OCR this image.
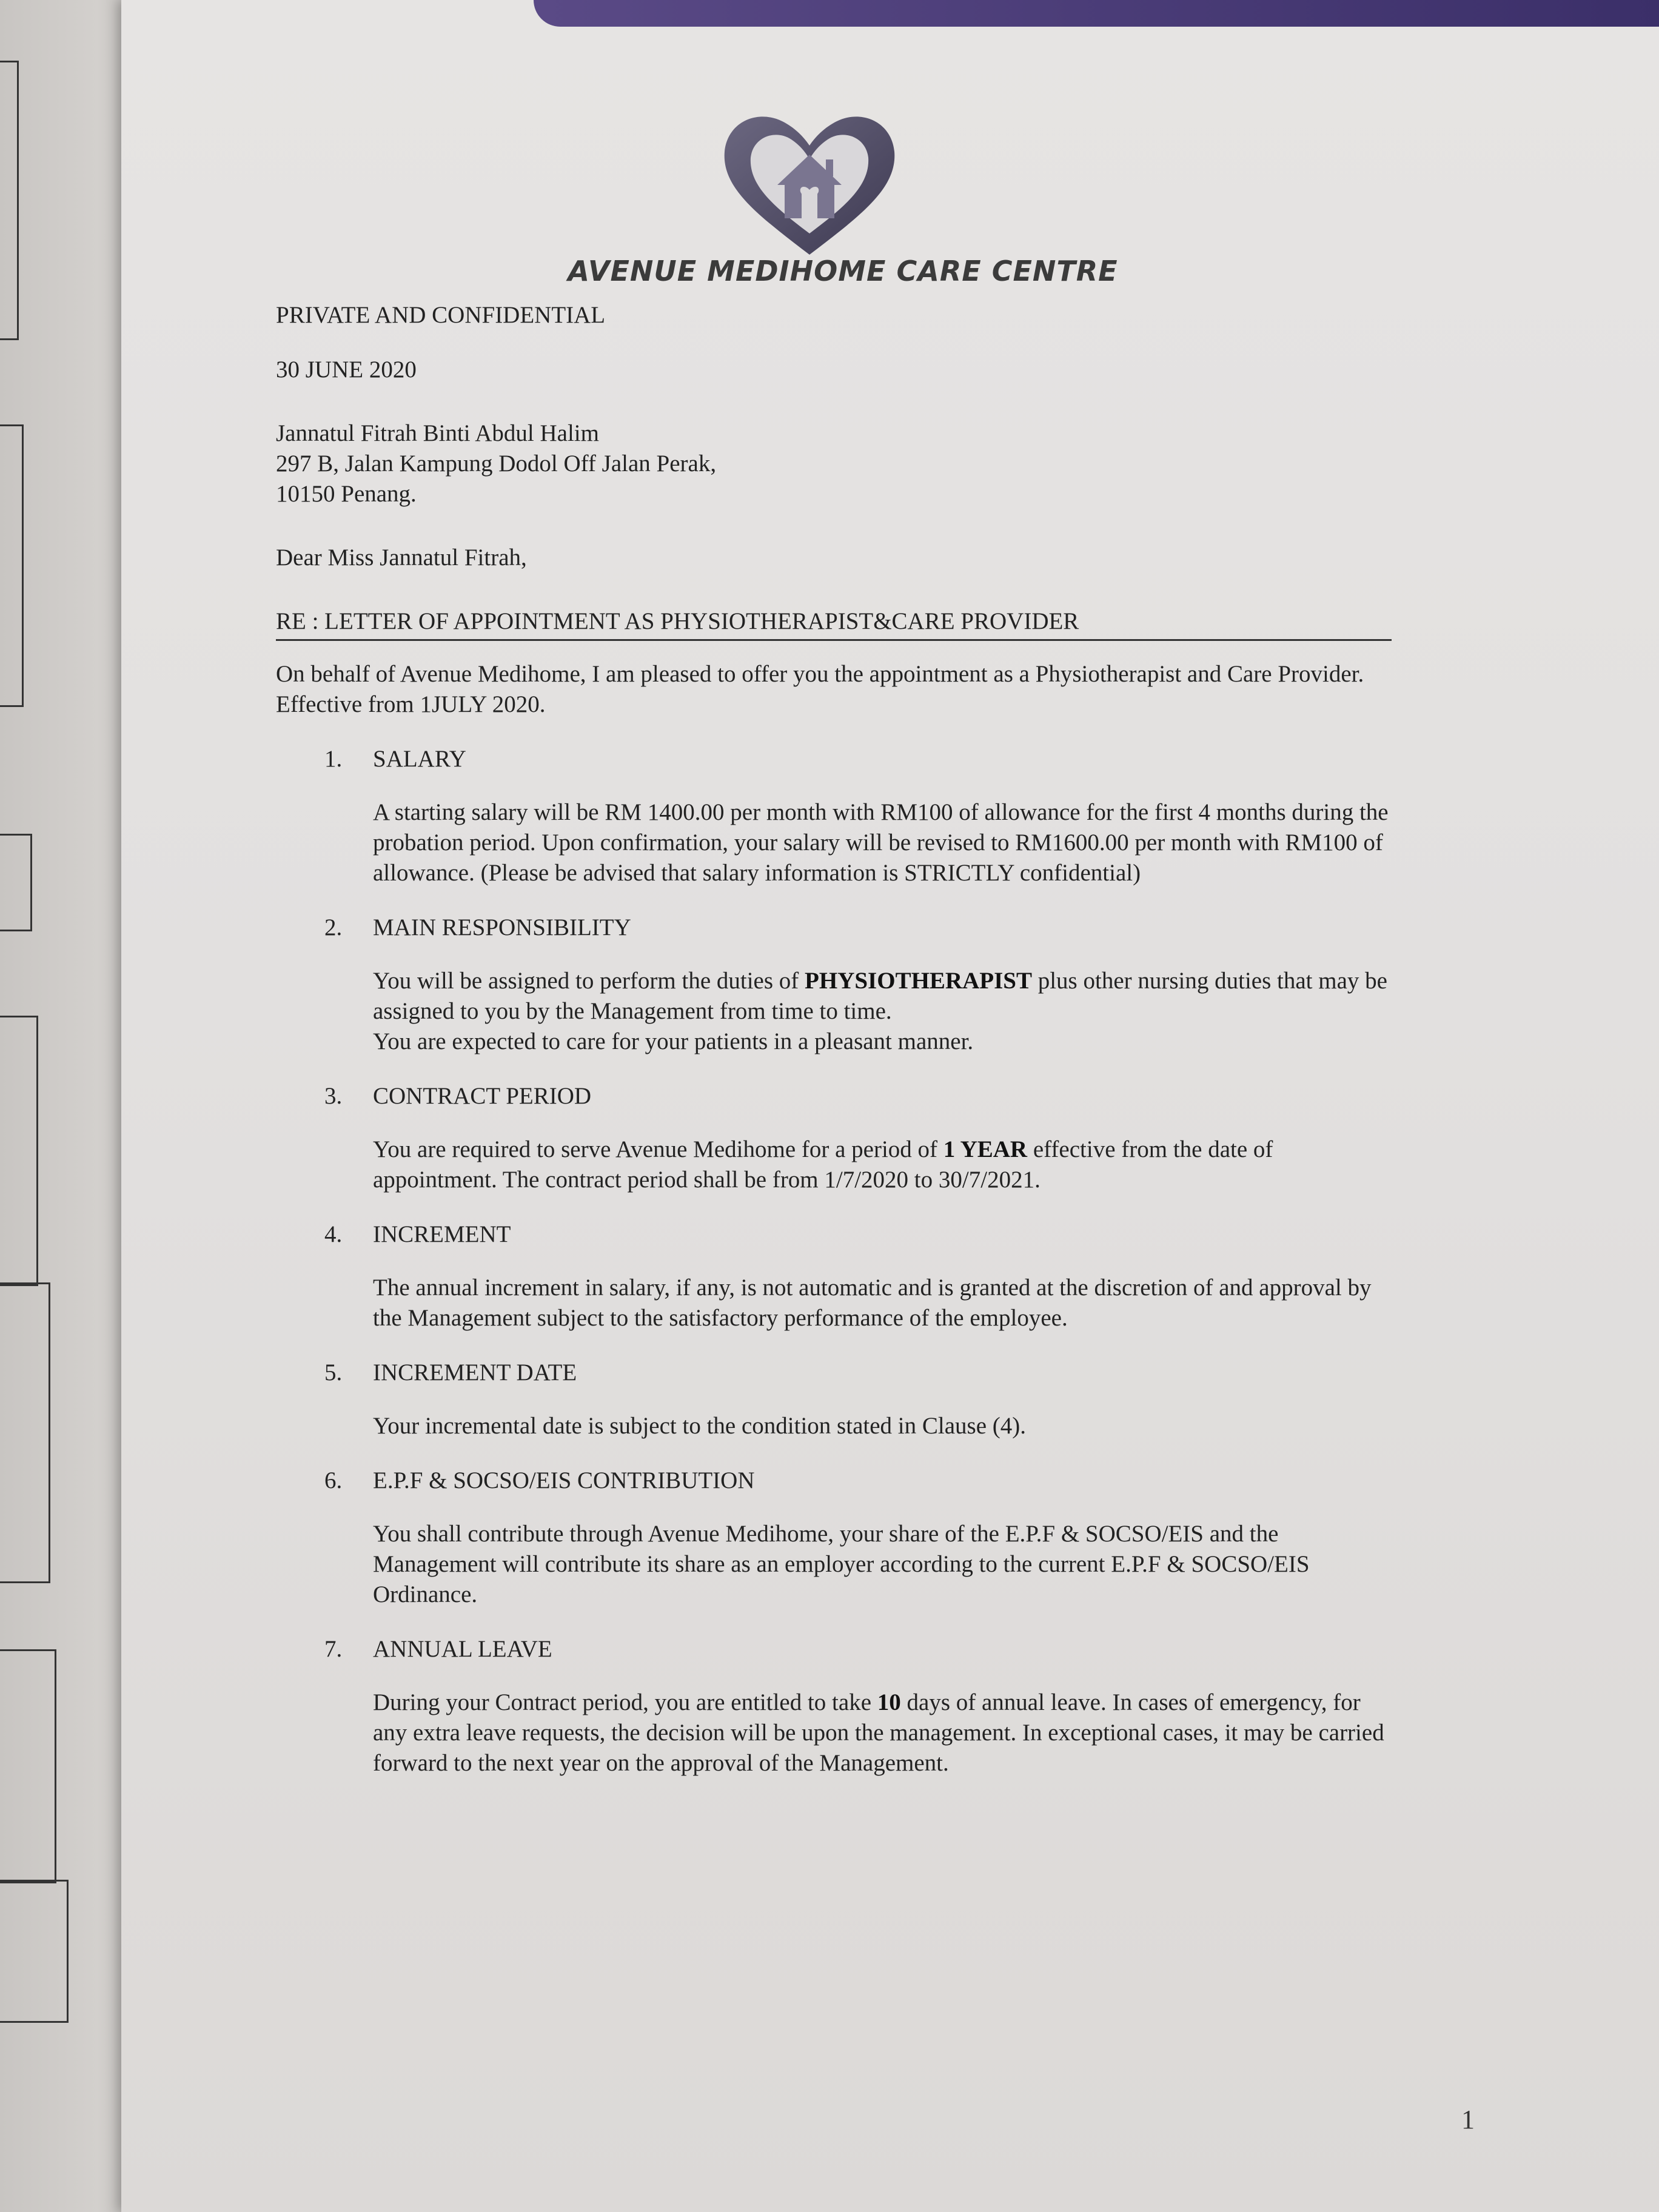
AVENUE MEDIHOME CARE CENTRE

PRIVATE AND CONFIDENTIAL

30 JUNE 2020

Jannatul Fitrah Binti Abdul Halim

297 B, Jalan Kampung Dodol Off Jalan Perak,

10150 Penang.

Dear Miss Jannatul Fitrah,

RE : LETTER OF APPOINTMENT AS PHYSIOTHERAPIST&CARE PROVIDER

On behalf of Avenue Medihome, I am pleased to offer you the appointment as a Physiotherapist and Care Provider. Effective from 1JULY 2020.

1.	SALARY

A starting salary will be RM 1400.00 per month with RM100 of allowance for the first 4 months during the probation period. Upon confirmation, your salary will be revised to RM1600.00 per month with RM100 of allowance. (Please be advised that salary information is STRICTLY confidential)

2.	MAIN RESPONSIBILITY

You will be assigned to perform the duties of PHYSIOTHERAPIST plus other nursing duties that may be assigned to you by the Management from time to time.
You are expected to care for your patients in a pleasant manner.

3.	CONTRACT PERIOD

You are required to serve Avenue Medihome for a period of 1 YEAR effective from the date of appointment. The contract period shall be from 1/7/2020 to 30/7/2021.

4.	INCREMENT

The annual increment in salary, if any, is not automatic and is granted at the discretion of and approval by the Management subject to the satisfactory performance of the employee.

5.	INCREMENT DATE

Your incremental date is subject to the condition stated in Clause (4).

6.	E.P.F & SOCSO/EIS CONTRIBUTION

You shall contribute through Avenue Medihome, your share of the E.P.F & SOCSO/EIS and the Management will contribute its share as an employer according to the current E.P.F & SOCSO/EIS Ordinance.

7.	ANNUAL LEAVE

During your Contract period, you are entitled to take 10 days of annual leave. In cases of emergency, for any extra leave requests, the decision will be upon the management. In exceptional cases, it may be carried forward to the next year on the approval of the Management.

1
